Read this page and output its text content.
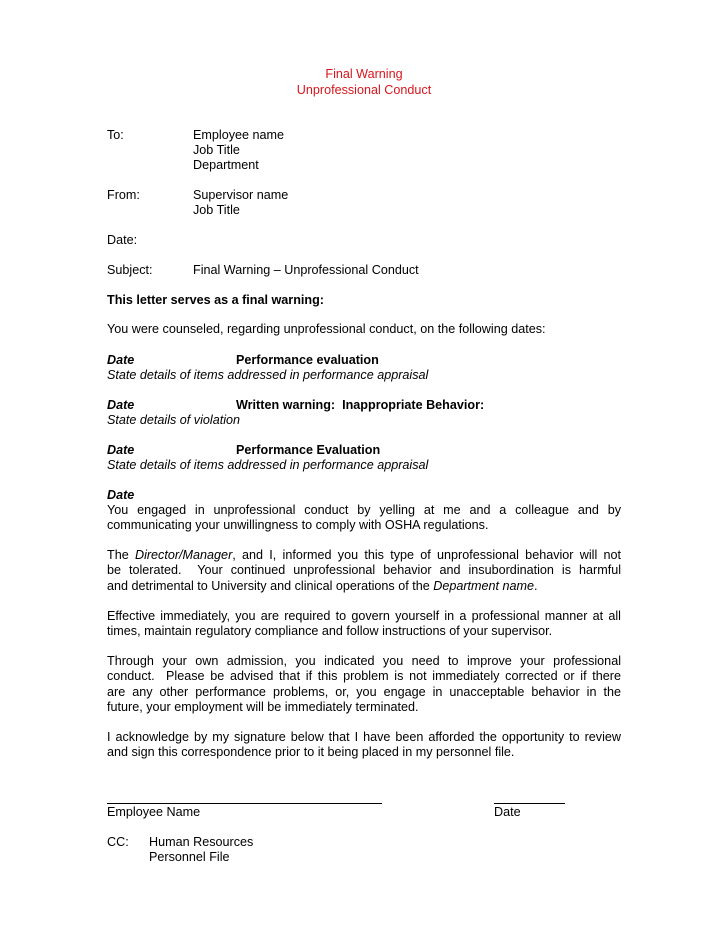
Final Warning
Unprofessional Conduct
To:	Employee name
Job Title
Department
From:	Supervisor name
Job Title
Date:
Subject:	Final Warning – Unprofessional Conduct
This letter serves as a final warning:
You were counseled, regarding unprofessional conduct, on the following dates:
Date	Performance evaluation
State details of items addressed in performance appraisal
Date	Written warning:  Inappropriate Behavior:
State details of violation
Date	Performance Evaluation
State details of items addressed in performance appraisal
Date
You engaged in unprofessional conduct by yelling at me and a colleague and by
communicating your unwillingness to comply with OSHA regulations.
The Director/Manager, and I, informed you this type of unprofessional behavior will not
be tolerated.  Your continued unprofessional behavior and insubordination is harmful
and detrimental to University and clinical operations of the Department name.
Effective immediately, you are required to govern yourself in a professional manner at all
times, maintain regulatory compliance and follow instructions of your supervisor.
Through your own admission, you indicated you need to improve your professional
conduct.  Please be advised that if this problem is not immediately corrected or if there
are any other performance problems, or, you engage in unacceptable behavior in the
future, your employment will be immediately terminated.
I acknowledge by my signature below that I have been afforded the opportunity to review
and sign this correspondence prior to it being placed in my personnel file.
Employee Name	Date
CC: Human Resources
Personnel File
